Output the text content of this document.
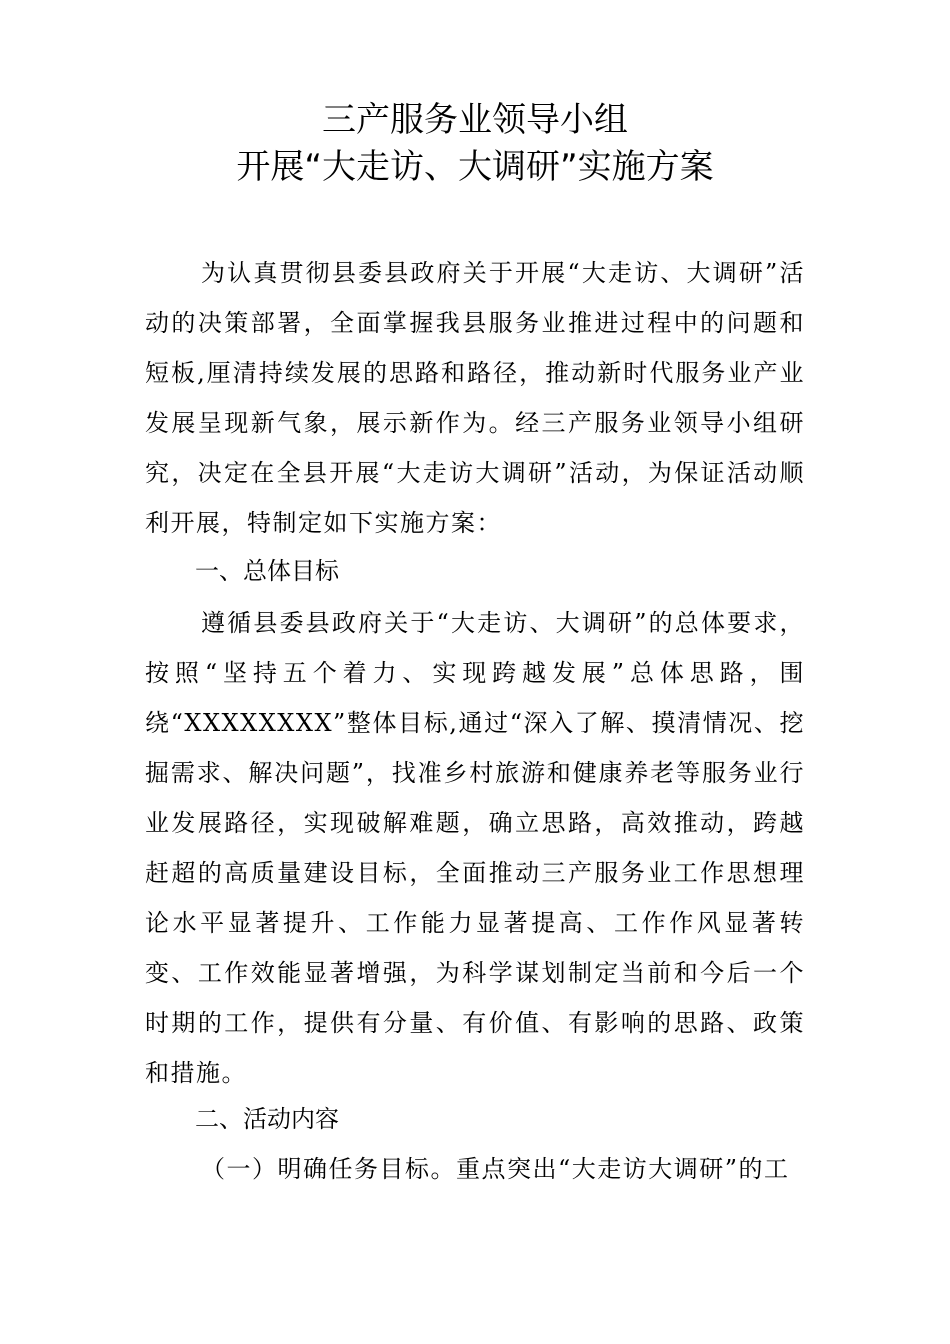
三产服务业领导小组
开展“大走访、大调研”实施方案
为认真贯彻县委县政府关于开展“大走访、大调研”活动的决策部署，全面掌握我县服务业推进过程中的问题和短板,厘清持续发展的思路和路径，推动新时代服务业产业发展呈现新气象，展示新作为。经三产服务业领导小组研究，决定在全县开展“大走访大调研”活动，为保证活动顺利开展，特制定如下实施方案：
一、总体目标
遵循县委县政府关于“大走访、大调研”的总体要求，按照“坚持五个着力、实现跨越发展”总体思路，围绕“XXXXXXXX”整体目标,通过“深入了解、摸清情况、挖掘需求、解决问题”，找准乡村旅游和健康养老等服务业行业发展路径，实现破解难题，确立思路，高效推动，跨越赶超的高质量建设目标，全面推动三产服务业工作思想理论水平显著提升、工作能力显著提高、工作作风显著转变、工作效能显著增强，为科学谋划制定当前和今后一个时期的工作，提供有分量、有价值、有影响的思路、政策和措施。
二、活动内容
（一）明确任务目标。重点突出“大走访大调研”的工
